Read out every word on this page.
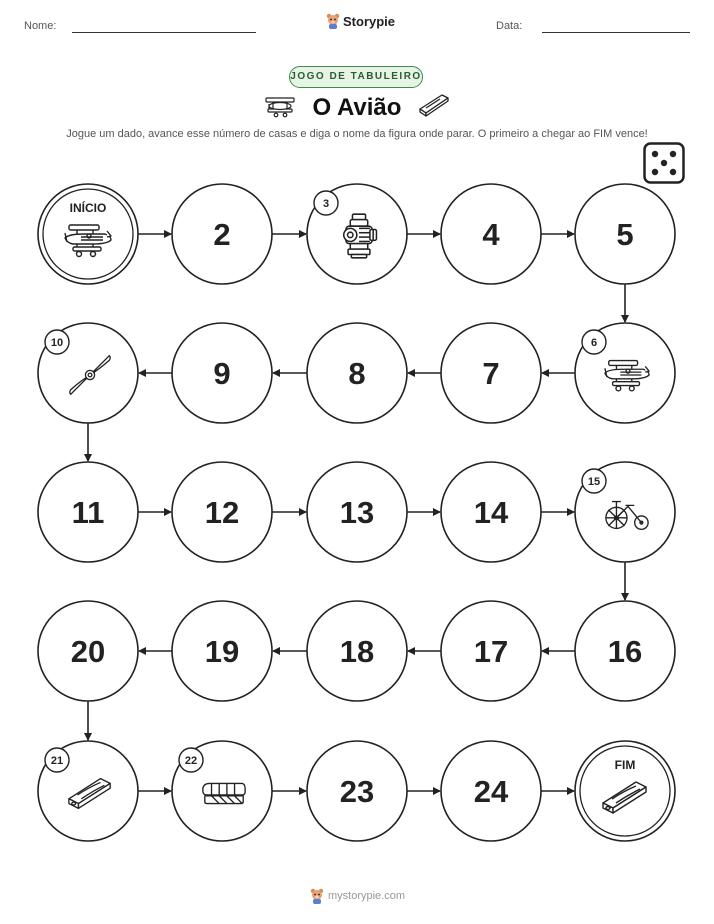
Nome:	Storypie	Data:
JOGO DE TABULEIRO
O Avião
Jogue um dado, avance esse número de casas e diga o nome da figura onde parar. O primeiro a chegar ao FIM vence!
INÍCIO
2
3
4	5
6
7
8
9
10
11	12	13	14
15
16
17
18
19
20
21	22
23	24
FIM
mystorypie.com
